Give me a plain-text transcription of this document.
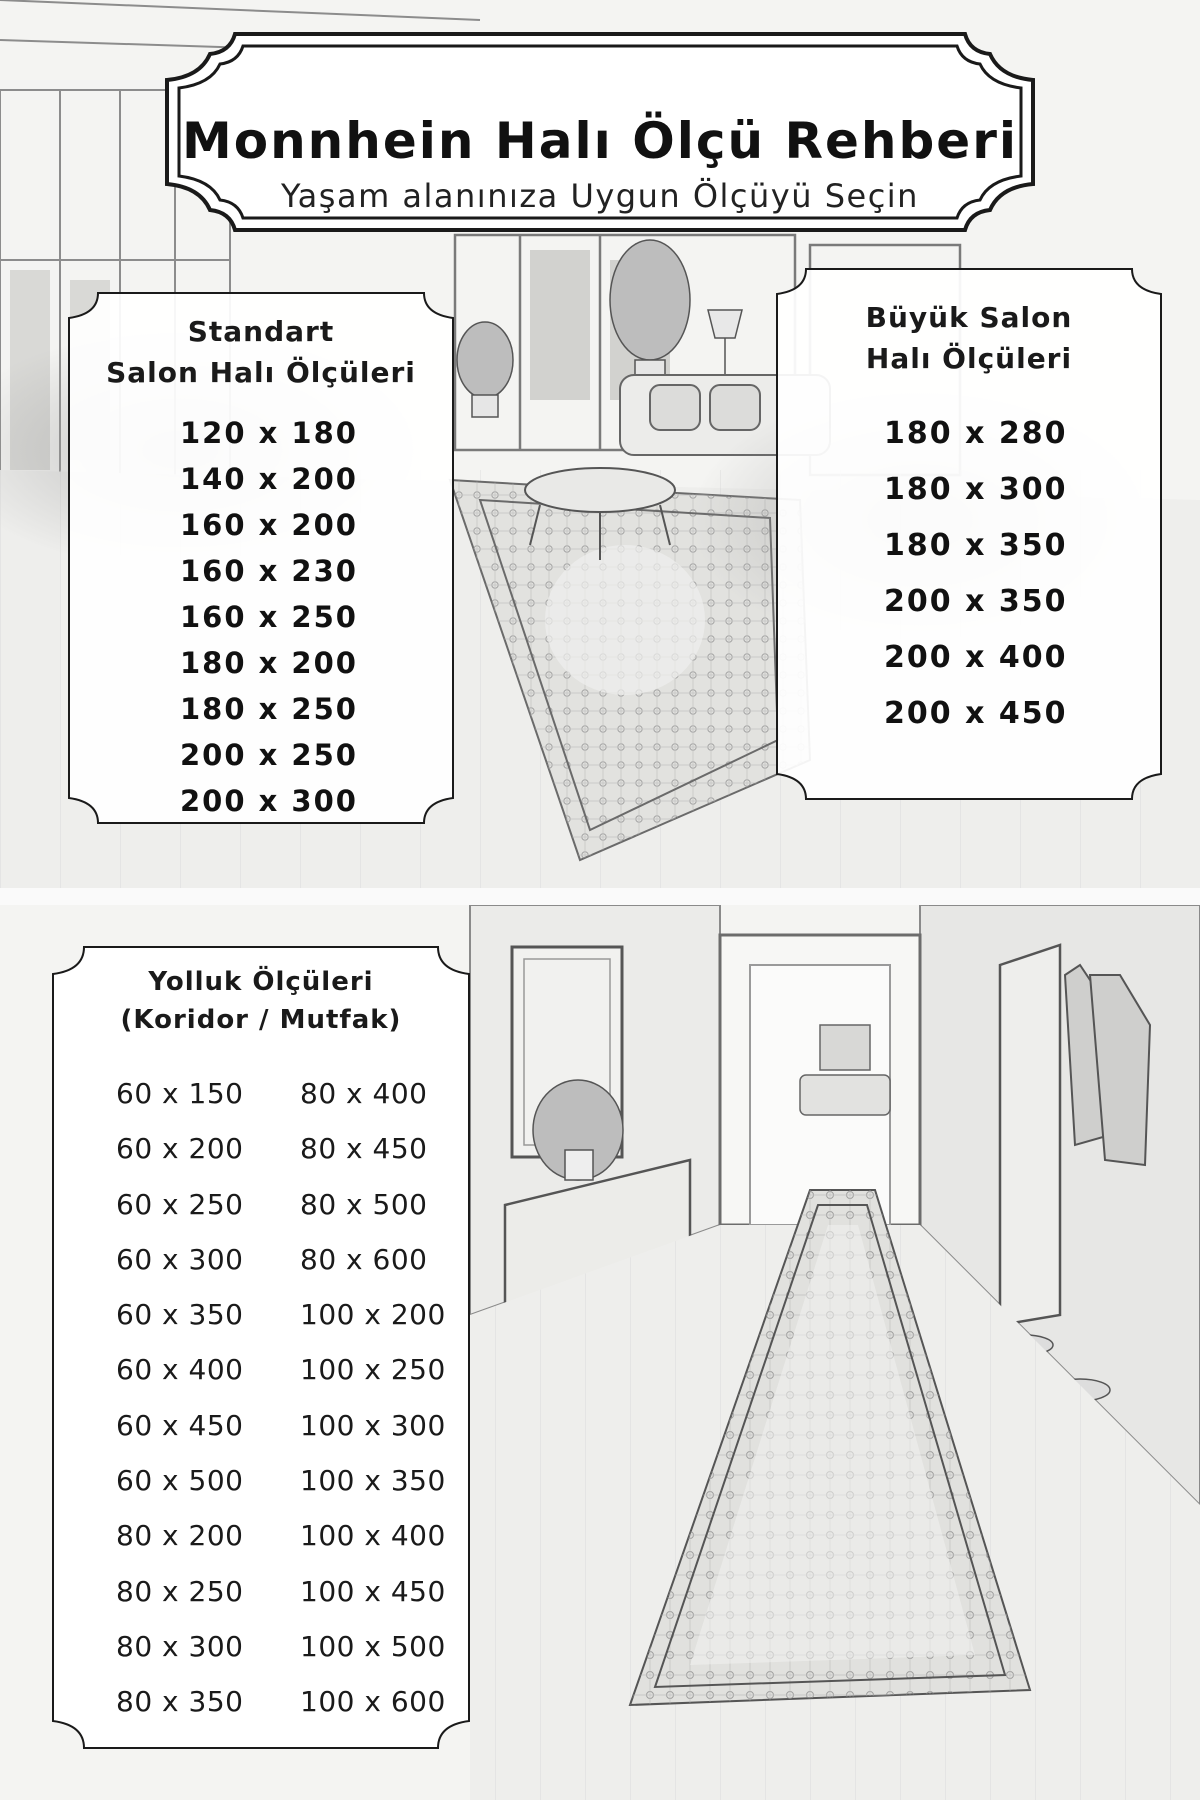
Monnhein Halı Ölçü Rehberi
Yaşam alanınıza Uygun Ölçüyü Seçin
Standart
Salon Halı Ölçüleri
120 x 180
140 x 200
160 x 200
160 x 230
160 x 250
180 x 200
180 x 250
200 x 250
200 x 300
Büyük Salon
Halı Ölçüleri
180 x 280
180 x 300
180 x 350
200 x 350
200 x 400
200 x 450
Yolluk Ölçüleri
(Koridor / Mutfak)
60 x 150
60 x 200
60 x 250
60 x 300
60 x 350
60 x 400
60 x 450
60 x 500
80 x 200
80 x 250
80 x 300
80 x 350
80 x 400
80 x 450
80 x 500
80 x 600
100 x 200
100 x 250
100 x 300
100 x 350
100 x 400
100 x 450
100 x 500
100 x 600
